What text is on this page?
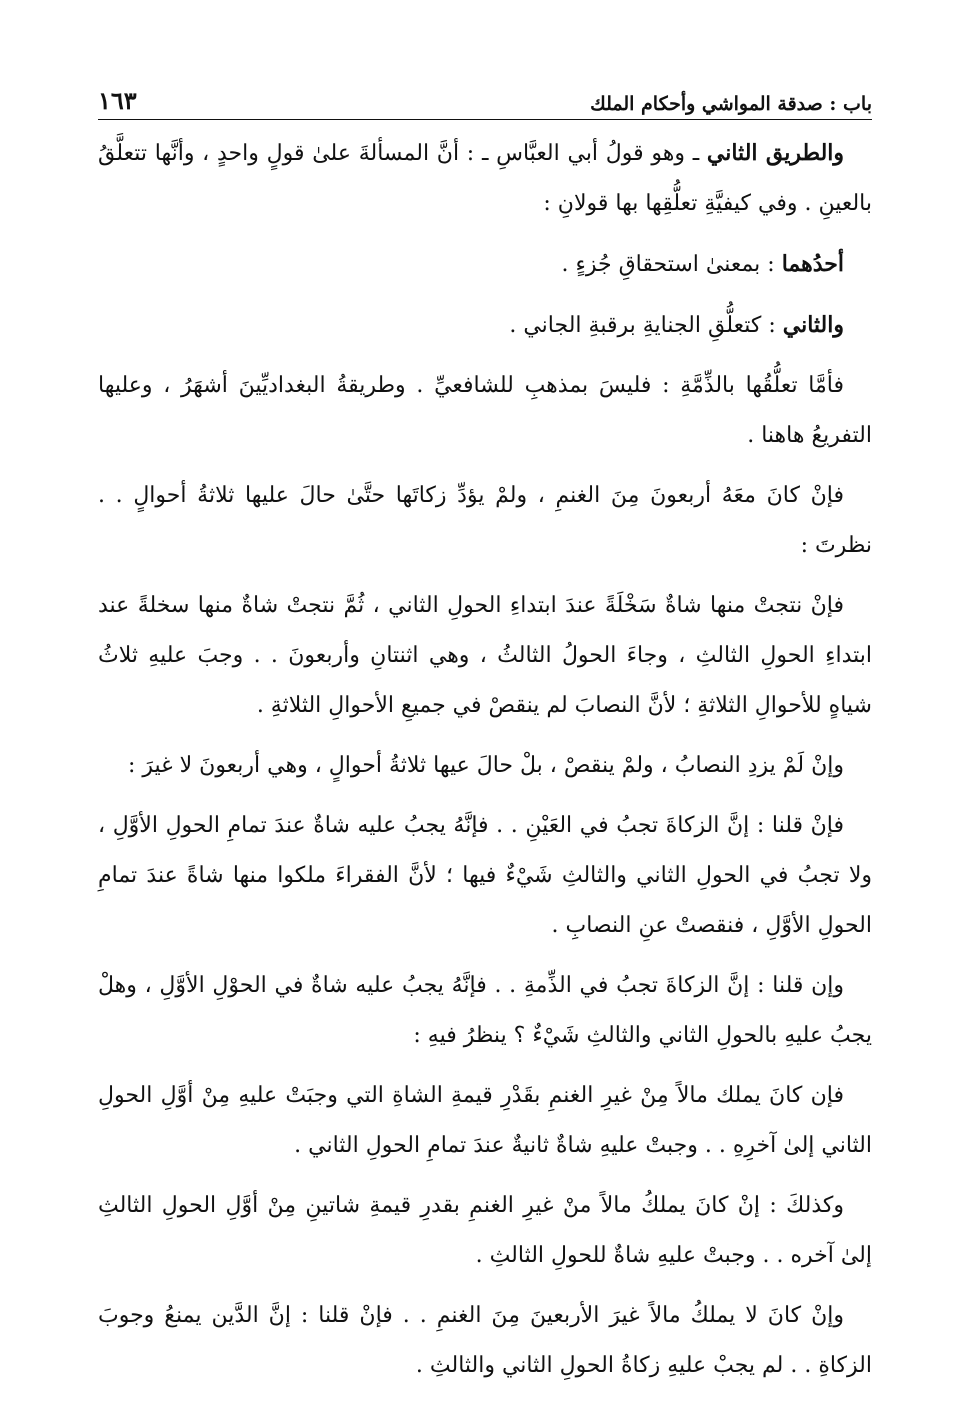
باب : صدقة المواشي وأحكام الملك
١٦٣

والطريق الثاني ـ وهو قولُ أبي العبَّاسِ ـ : أنَّ المسألةَ علىٰ قولٍ واحدٍ ، وأنَّها تتعلَّقُ بالعينِ . وفي كيفيَّةِ تعلُّقِها بها قولانِ :

أحدُهما : بمعنىٰ استحقاقِ جُزءٍ .

والثاني : كتعلُّقِ الجنايةِ برقبةِ الجاني .

فأمَّا تعلُّقُها بالذِّمَّةِ : فليسَ بمذهبِ للشافعيِّ . وطريقةُ البغداديِّينَ أشهَرُ ، وعليها التفريعُ هاهنا .

فإنْ كانَ معَهُ أربعونَ مِنَ الغنمِ ، ولمْ يؤدِّ زكاتَها حتَّىٰ حالَ عليها ثلاثةُ أحوالٍ . . نظرتَ :

فإنْ نتجتْ منها شاةٌ سَخْلَةً عندَ ابتداءِ الحولِ الثاني ، ثُمَّ نتجتْ شاةٌ منها سخلةً عند ابتداءِ الحولِ الثالثِ ، وجاءَ الحولُ الثالثُ ، وهي اثنتانِ وأربعونَ . . وجبَ عليهِ ثلاثُ شياهٍ للأحوالِ الثلاثةِ ؛ لأنَّ النصابَ لم ينقصْ في جميعِ الأحوالِ الثلاثةِ .

وإنْ لَمْ يزدِ النصابُ ، ولمْ ينقصْ ، بلْ حالَ عيها ثلاثةُ أحوالٍ ، وهي أربعونَ لا غيرَ :

فإنْ قلنا : إنَّ الزكاةَ تجبُ في العَيْنِ . . فإنَّهُ يجبُ عليه شاةٌ عندَ تمامِ الحولِ الأوَّلِ ، ولا تجبُ في الحولِ الثاني والثالثِ شَيْءٌ فيها ؛ لأنَّ الفقراءَ ملكوا منها شاةً عندَ تمامِ الحولِ الأوَّلِ ، فنقصتْ عنِ النصابِ .

وإن قلنا : إنَّ الزكاةَ تجبُ في الذِّمةِ . . فإنَّهُ يجبُ عليه شاةٌ في الحوْلِ الأوَّلِ ، وهلْ يجبُ عليهِ بالحولِ الثاني والثالثِ شَيْءٌ ؟ ينظرُ فيهِ :

فإن كانَ يملك مالاً مِنْ غيرِ الغنمِ بقَدْرِ قيمةِ الشاةِ التي وجبَتْ عليهِ مِنْ أوَّلِ الحولِ الثاني إلىٰ آخرِهِ . . وجبتْ عليهِ شاةٌ ثانيةٌ عندَ تمامِ الحولِ الثاني .

وكذلكَ : إنْ كانَ يملكُ مالاً منْ غيرِ الغنمِ بقدرِ قيمةِ شاتينِ مِنْ أوَّلِ الحولِ الثالثِ إلىٰ آخره . . وجبتْ عليهِ شاةٌ للحولِ الثالثِ .

وإنْ كانَ لا يملكُ مالاً غيرَ الأربعينَ مِنَ الغنمِ . . فإنْ قلنا : إنَّ الدَّين يمنعُ وجوبَ الزكاةِ . . لم يجبْ عليهِ زكاةُ الحولِ الثاني والثالثِ .
